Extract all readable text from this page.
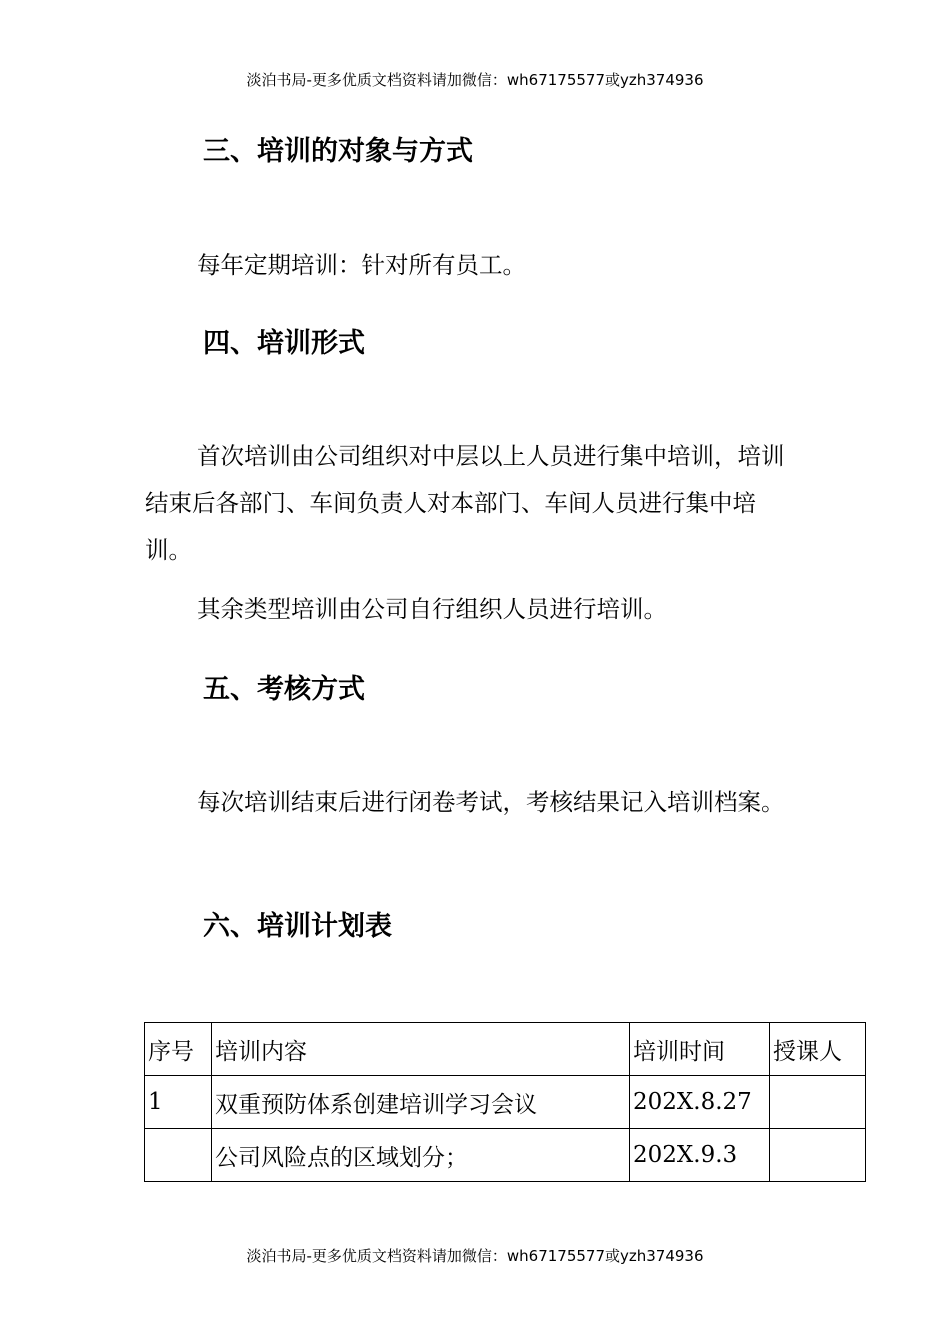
淡泊书局-更多优质文档资料请加微信：wh67175577或yzh374936
三、培训的对象与方式

每年定期培训：针对所有员工。

四、培训形式

首次培训由公司组织对中层以上人员进行集中培训，培训结束后各部门、车间负责人对本部门、车间人员进行集中培训。

其余类型培训由公司自行组织人员进行培训。

五、考核方式

每次培训结束后进行闭卷考试，考核结果记入培训档案。

六、培训计划表
序号	培训内容	培训时间	授课人
1	双重预防体系创建培训学习会议	202X.8.27	
	公司风险点的区域划分；	202X.9.3	
淡泊书局-更多优质文档资料请加微信：wh67175577或yzh374936
